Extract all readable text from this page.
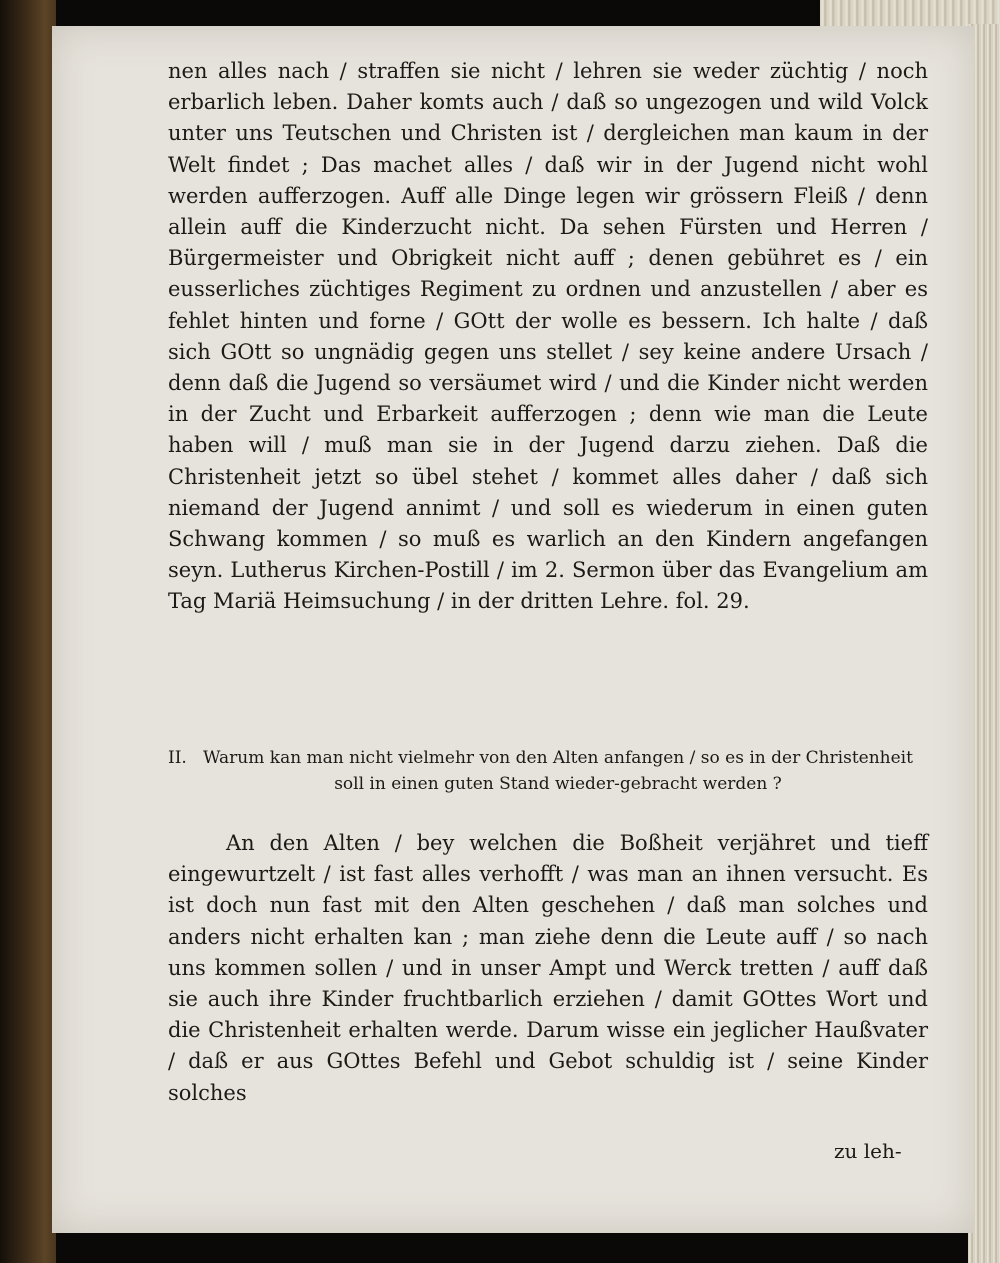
nen alles nach / straffen sie nicht / lehren sie weder züchtig / noch erbarlich leben. Daher komts auch / daß so ungezogen und wild Volck unter uns Teutschen und Christen ist / dergleichen man kaum in der Welt findet ; Das machet alles / daß wir in der Jugend nicht wohl werden aufferzogen. Auff alle Dinge legen wir grössern Fleiß / denn allein auff die Kinderzucht nicht. Da sehen Fürsten und Herren / Bürgermeister und Obrigkeit nicht auff ; denen gebühret es / ein eusserliches züchtiges Regiment zu ordnen und anzustellen / aber es fehlet hinten und forne / GOtt der wolle es bessern. Ich halte / daß sich GOtt so ungnädig gegen uns stellet / sey keine andere Ursach / denn daß die Jugend so versäumet wird / und die Kinder nicht werden in der Zucht und Erbarkeit aufferzogen ; denn wie man die Leute haben will / muß man sie in der Jugend darzu ziehen. Daß die Christenheit jetzt so übel stehet / kommet alles daher / daß sich niemand der Jugend annimt / und soll es wiederum in einen guten Schwang kommen / so muß es warlich an den Kindern angefangen seyn. Lutherus Kirchen-Postill / im 2. Sermon über das Evangelium am Tag Mariä Heimsuchung / in der dritten Lehre. fol. 29.

II. Warum kan man nicht vielmehr von den Alten anfangen / so es in der Christenheit soll in einen guten Stand wieder-gebracht werden ?

An den Alten / bey welchen die Boßheit verjähret und tieff eingewurtzelt / ist fast alles verhofft / was man an ihnen versucht. Es ist doch nun fast mit den Alten geschehen / daß man solches und anders nicht erhalten kan ; man ziehe denn die Leute auff / so nach uns kommen sollen / und in unser Ampt und Werck tretten / auff daß sie auch ihre Kinder fruchtbarlich erziehen / damit GOttes Wort und die Christenheit erhalten werde. Darum wisse ein jeglicher Haußvater / daß er aus GOttes Befehl und Gebot schuldig ist / seine Kinder solches

zu leh-
